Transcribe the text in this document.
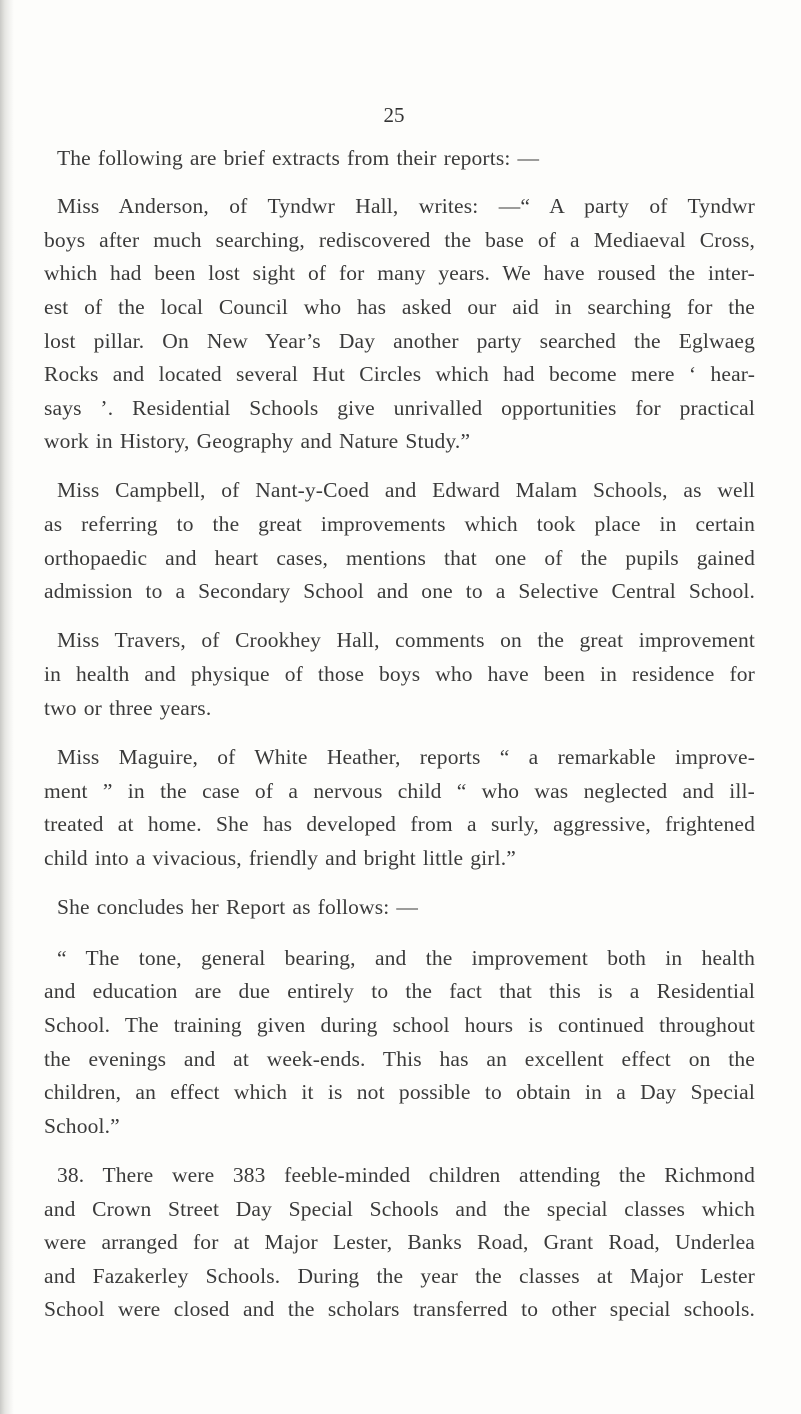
25
The following are brief extracts from their reports: —
Miss Anderson, of Tyndwr Hall, writes: —“ A party of Tyndwr
boys after much searching, rediscovered the base of a Mediaeval Cross,
which had been lost sight of for many years. We have roused the inter-
est of the local Council who has asked our aid in searching for the
lost pillar. On New Year’s Day another party searched the Eglwaeg
Rocks and located several Hut Circles which had become mere ‘ hear-
says ’. Residential Schools give unrivalled opportunities for practical
work in History, Geography and Nature Study.”
Miss Campbell, of Nant-y-Coed and Edward Malam Schools, as well
as referring to the great improvements which took place in certain
orthopaedic and heart cases, mentions that one of the pupils gained
admission to a Secondary School and one to a Selective Central School.
Miss Travers, of Crookhey Hall, comments on the great improvement
in health and physique of those boys who have been in residence for
two or three years.
Miss Maguire, of White Heather, reports “ a remarkable improve-
ment ” in the case of a nervous child “ who was neglected and ill-
treated at home. She has developed from a surly, aggressive, frightened
child into a vivacious, friendly and bright little girl.”
She concludes her Report as follows: —
“ The tone, general bearing, and the improvement both in health
and education are due entirely to the fact that this is a Residential
School. The training given during school hours is continued throughout
the evenings and at week-ends. This has an excellent effect on the
children, an effect which it is not possible to obtain in a Day Special
School.”
38. There were 383 feeble-minded children attending the Richmond
and Crown Street Day Special Schools and the special classes which
were arranged for at Major Lester, Banks Road, Grant Road, Underlea
and Fazakerley Schools. During the year the classes at Major Lester
School were closed and the scholars transferred to other special schools.
